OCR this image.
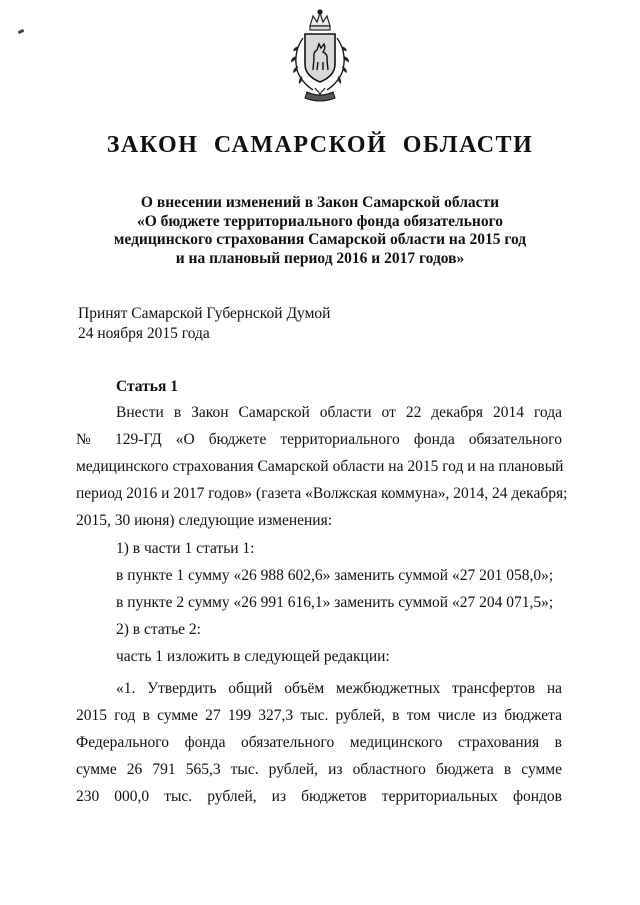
ЗАКОН САМАРСКОЙ ОБЛАСТИ
О внесении изменений в Закон Самарской области
«О бюджете территориального фонда обязательного
медицинского страхования Самарской области на 2015 год
и на плановый период 2016 и 2017 годов»
Принят Самарской Губернской Думой
24 ноября 2015 года
Статья 1
Внести в Закон Самарской области от 22 декабря 2014 года
№ 129-ГД «О бюджете территориального фонда обязательного
медицинского страхования Самарской области на 2015 год и на плановый
период 2016 и 2017 годов» (газета «Волжская коммуна», 2014, 24 декабря;
2015, 30 июня) следующие изменения:
1) в части 1 статьи 1:
в пункте 1 сумму «26 988 602,6» заменить суммой «27 201 058,0»;
в пункте 2 сумму «26 991 616,1» заменить суммой «27 204 071,5»;
2) в статье 2:
часть 1 изложить в следующей редакции:
«1. Утвердить общий объём межбюджетных трансфертов на
2015 год в сумме 27 199 327,3 тыс. рублей, в том числе из бюджета
Федерального фонда обязательного медицинского страхования в
сумме 26 791 565,3 тыс. рублей, из областного бюджета в сумме
230 000,0 тыс. рублей, из бюджетов территориальных фондов
